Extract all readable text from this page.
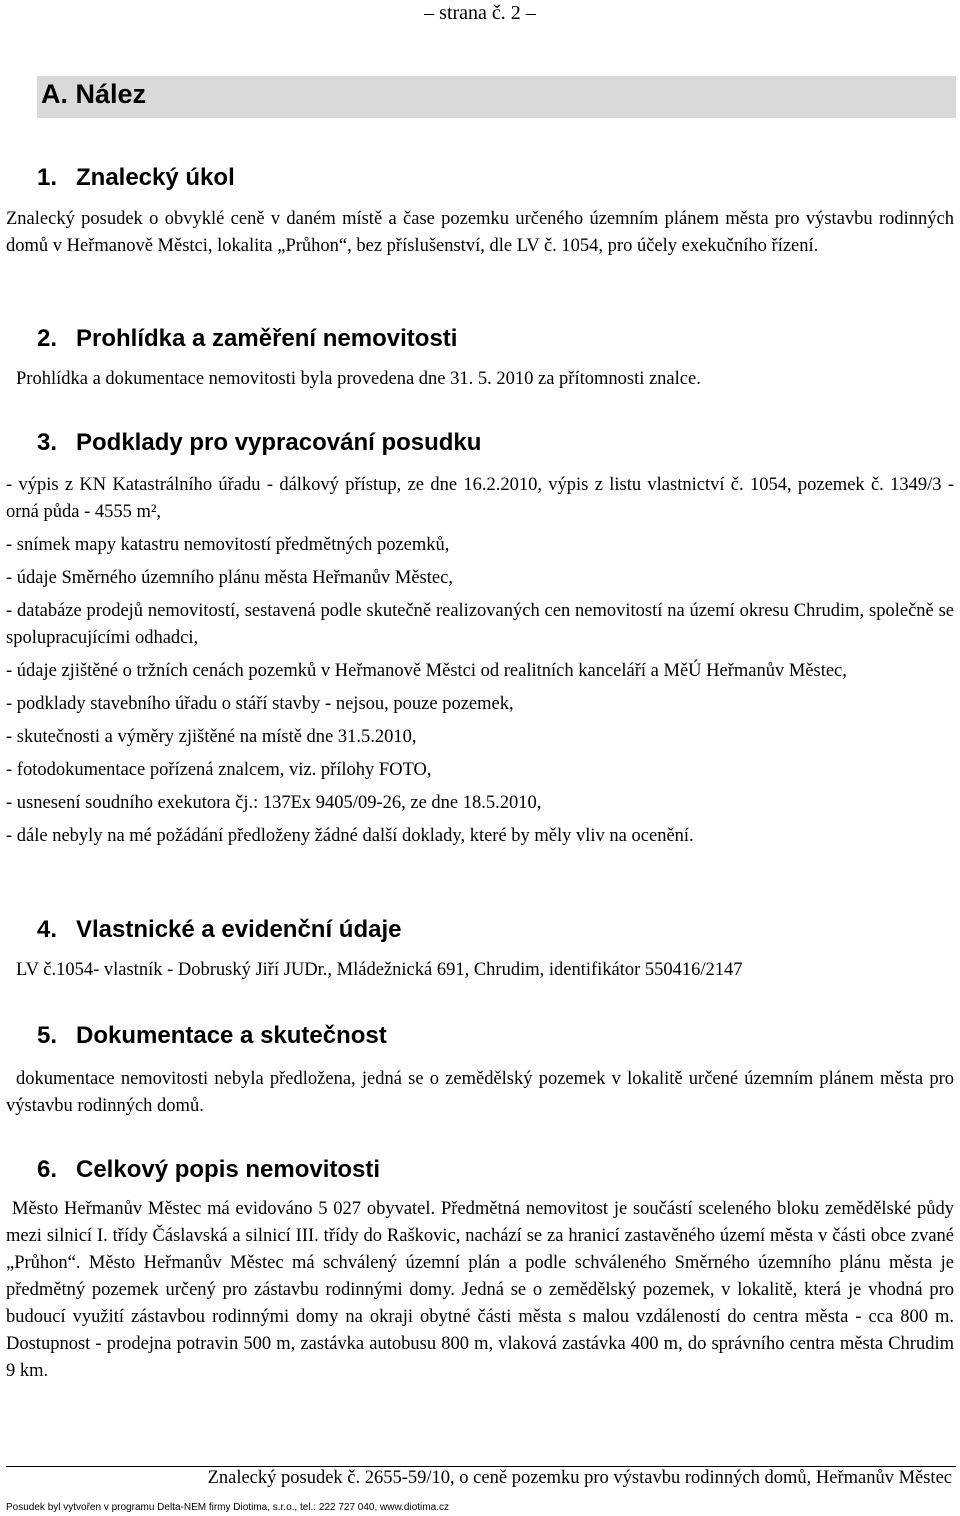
– strana č. 2 –
A. Nález
1. Znalecký úkol
Znalecký posudek o obvyklé ceně v daném místě a čase pozemku určeného územním plánem města pro výstavbu rodinných domů v Heřmanově Městci, lokalita „Průhon“, bez příslušenství, dle LV č. 1054, pro účely exekučního řízení.
2. Prohlídka a zaměření nemovitosti
Prohlídka a dokumentace nemovitosti byla provedena dne 31. 5. 2010 za přítomnosti znalce.
3. Podklady pro vypracování posudku
- výpis z KN Katastrálního úřadu - dálkový přístup, ze dne 16.2.2010, výpis z listu vlastnictví č. 1054, pozemek č. 1349/3 - orná půda - 4555 m²,
- snímek mapy katastru nemovitostí předmětných pozemků,
- údaje Směrného územního plánu města Heřmanův Městec,
- databáze prodejů nemovitostí, sestavená podle skutečně realizovaných cen nemovitostí na území okresu Chrudim, společně se spolupracujícími odhadci,
- údaje zjištěné o tržních cenách pozemků v Heřmanově Městci od realitních kanceláří a MěÚ Heřmanův Městec,
- podklady stavebního úřadu o stáří stavby - nejsou, pouze pozemek,
- skutečnosti a výměry zjištěné na místě dne 31.5.2010,
- fotodokumentace pořízená znalcem, viz. přílohy FOTO,
- usnesení soudního exekutora čj.: 137Ex 9405/09-26, ze dne 18.5.2010,
- dále nebyly na mé požádání předloženy žádné další doklady, které by měly vliv na ocenění.
4. Vlastnické a evidenční údaje
LV č.1054- vlastník - Dobruský Jiří JUDr., Mládežnická 691, Chrudim, identifikátor 550416/2147
5. Dokumentace a skutečnost
dokumentace nemovitosti nebyla předložena, jedná se o zemědělský pozemek v lokalitě určené územním plánem města pro výstavbu rodinných domů.
6. Celkový popis nemovitosti
Město Heřmanův Městec má evidováno 5 027 obyvatel. Předmětná nemovitost je součástí sceleného bloku zemědělské půdy mezi silnicí I. třídy Čáslavská a silnicí III. třídy do Raškovic, nachází se za hranicí zastavěného území města v části obce zvané „Průhon“. Město Heřmanův Městec má schválený územní plán a podle schváleného Směrného územního plánu města je předmětný pozemek určený pro zástavbu rodinnými domy. Jedná se o zemědělský pozemek, v lokalitě, která je vhodná pro budoucí využití zástavbou rodinnými domy na okraji obytné části města s malou vzdáleností do centra města - cca 800 m. Dostupnost - prodejna potravin 500 m, zastávka autobusu 800 m, vlaková zastávka 400 m, do správního centra města Chrudim 9 km.
Znalecký posudek č. 2655-59/10, o ceně pozemku pro výstavbu rodinných domů, Heřmanův Městec
Posudek byl vytvořen v programu Delta-NEM firmy Diotima, s.r.o., tel.: 222 727 040, www.diotima.cz
